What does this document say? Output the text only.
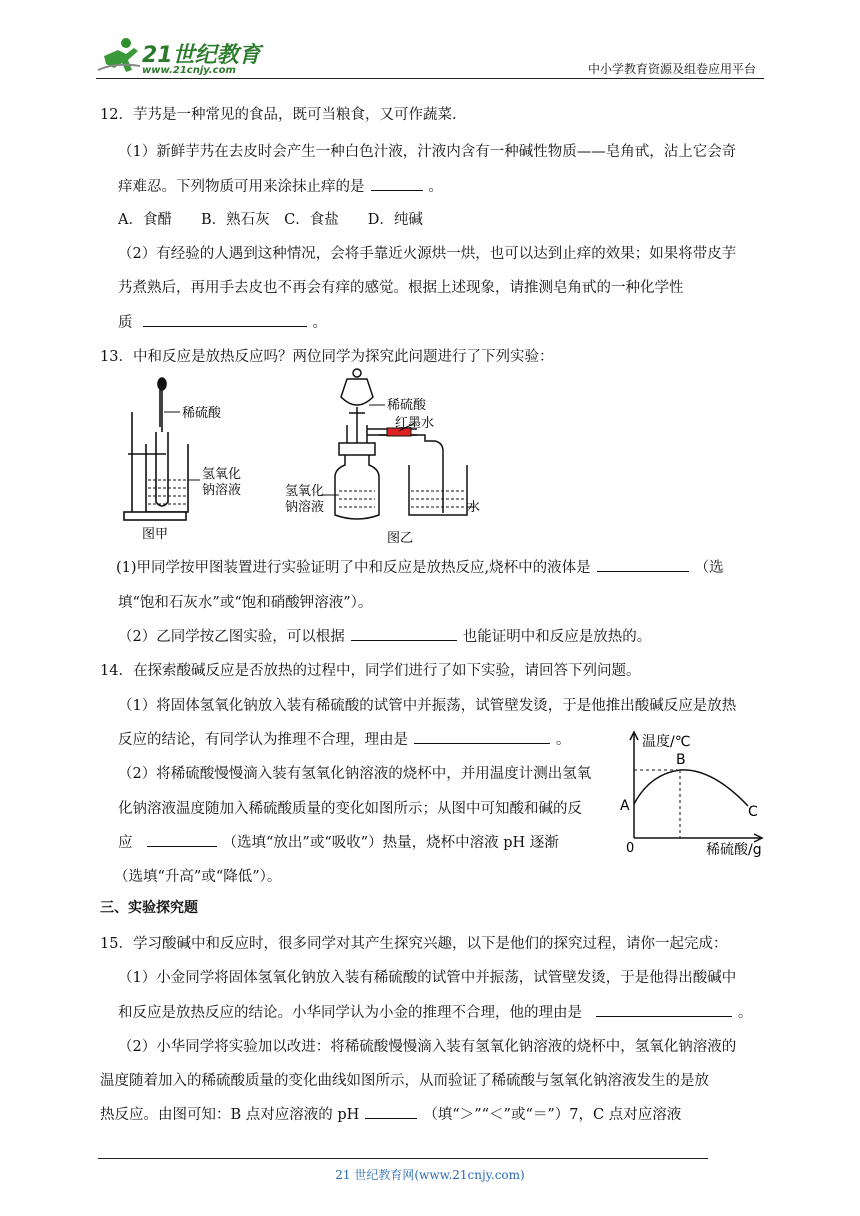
21世纪教育
www.21cnjy.com	中小学教育资源及组卷应用平台
12．芋艿是一种常见的食品，既可当粮食，又可作蔬菜.
（1）新鲜芋艿在去皮时会产生一种白色汁液，汁液内含有一种碱性物质——皂角甙，沾上它会奇
痒难忍。下列物质可用来涂抹止痒的是	。
A．食醋　　B．熟石灰　C．食盐　　D．纯碱
（2）有经验的人遇到这种情况，会将手靠近火源烘一烘，也可以达到止痒的效果；如果将带皮芋
艿煮熟后，再用手去皮也不再会有痒的感觉。根据上述现象，请推测皂角甙的一种化学性
质	。
13．中和反应是放热反应吗？两位同学为探究此问题进行了下列实验：
稀硫酸
氢氧化
钠溶液
图甲
稀硫酸
红墨水
氢氧化
钠溶液	水
图乙
(1)甲同学按甲图装置进行实验证明了中和反应是放热反应,烧杯中的液体是	（选
填“饱和石灰水”或“饱和硝酸钾溶液”）。
（2）乙同学按乙图实验，可以根据	也能证明中和反应是放热的。
14．在探索酸碱反应是否放热的过程中，同学们进行了如下实验，请回答下列问题。
（1）将固体氢氧化钠放入装有稀硫酸的试管中并振荡，试管壁发烫，于是他推出酸碱反应是放热
反应的结论，有同学认为推理不合理，理由是	。
（2）将稀硫酸慢慢滴入装有氢氧化钠溶液的烧杯中，并用温度计测出氢氧
化钠溶液温度随加入稀硫酸质量的变化如图所示；从图中可知酸和碱的反
应	（选填“放出”或“吸收”）热量，烧杯中溶液 pH 逐渐
（选填“升高”或“降低”）。
温度/℃
B
A	C
0	稀硫酸/g
三、实验探究题
15．学习酸碱中和反应时，很多同学对其产生探究兴趣，以下是他们的探究过程，请你一起完成：
（1）小金同学将固体氢氧化钠放入装有稀硫酸的试管中并振荡，试管壁发烫，于是他得出酸碱中
和反应是放热反应的结论。小华同学认为小金的推理不合理，他的理由是	。
（2）小华同学将实验加以改进：将稀硫酸慢慢滴入装有氢氧化钠溶液的烧杯中，氢氧化钠溶液的
温度随着加入的稀硫酸质量的变化曲线如图所示，从而验证了稀硫酸与氢氧化钠溶液发生的是放
热反应。由图可知：B 点对应溶液的 pH	（填“＞”“＜”或“＝”）7，C 点对应溶液
21 世纪教育网(www.21cnjy.com)
